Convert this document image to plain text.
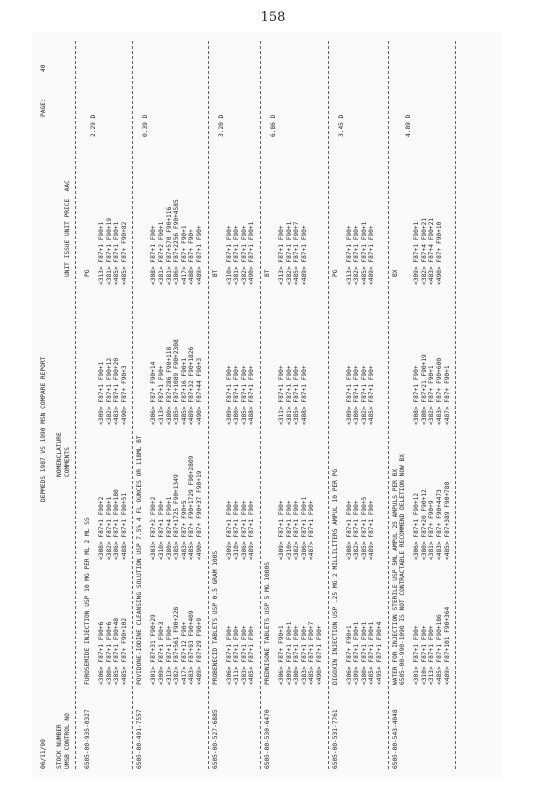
158
06/11/90
DEPMEDS 1987 VS 1990 MSN COMPARE REPORT
PAGE:
40
STOCK NUMBER UMSB CONTROL NO
NOMENCLATURE COMMENTS
UNIT ISSUE UNIT PRICE  AAC
6505-00-935-0327
FUROSEMIDE INJECTION USP 10 MG PER ML 2 ML SS
PG
2.29 D
<306> F87+1 F90+6 <380> F87+1 F90+6 <385> F87+1 F90+48 <485> F87+ F90+102
<308> F87+1 F90+2 <382> F87+1 F90+1 <386> F87+1 F90+180 <488> F87+1 F90+51
<309> F87+1 F90+1 <382> F87+1 F90+12 <483> F87+1 F90+20 <490> F87+ F90+3
<313> F87+1 F90+1 <381> F87+1 F90+19 <485> F87+1 F90+1 <485> F87+ F90+82
6505-00-491-7557
POVIDONE-IODINE CLEANSING SOLUTION USP 7.5% 4 FL OUNCES OR 118ML BT
0.39 D
<301> F87+31 F90+29 <309> F87+1 F90+3 <313> F87+1 F90+ <382> F87+561 F90+226 <417> F87+12 F90+ <483> F87+93 F90+409 <489> F87+29 F90+9
<303> F87+2 F90+2 <310> F87+1 F90+ <380> F87+4 F90+1 <385> F87+1725 F90+1349 <483> F87+ F90+5 <485> F87+ F90+1729 F90+2809 <490> F87+ F90+37 F90+19
<306> F87+ F90+14 <313> F87+1 F90+ <380> F87+286 F90+118 <385> F87+1089 F90+2308 <485> F87+16 F90+1 <489> F87+32 F90+1826 <490> F87+44 F90+3
<308> F87+1 F90+ <381> F87+2 F90+1 <381> F87+570 F90+116 <386> F87+2256 F90+4585 <417> F87+ F90+1 <488> F87+ F90+ <489> F87+1 F90+
6505-00-527-6885
PROBENECID TABLETS USP 0.5 GRAM 100S
BT
3.20 D
<306> F87+1 F90+ <311> F87+1 F90+ <383> F87+1 F90+ <485> F87+1 F90+
<309> F87+1 F90+ <310> F87+1 F90+ <386> F87+1 F90+ <489> F87+1 F90+
<309> F87+1 F90+ <380> F87+1 F90+ <385> F87+1 F90+ <488> F87+1 F90+
<310> F87+1 F90+ <381> F87+1 F90+ <382> F87+1 F90+ <490> F87+1 F90+1
6505-00-530-6470
PREDNISONE TABLETS USP 5 MG 1000S
BT
6.86 D
<306> F87+ F90+1 <309> F87+1 F90+1 <380> F87+1 F90+ <383> F87+1 F90+ <485> F87+1 F90+7 <490> F87+1 F90+
<309> F87+1 F90+ <310> F87+1 F90+ <382> F87+1 F90+ <386> F87+1 F90+1 <487> F87+1 F90+
<311> F87+1 F90+ <381> F87+1 F90+ <385> F87+1 F90+ <488> F87+1 F90+
<313> F87+1 F90+ <382> F87+1 F90+1 <485> F87+1 F90+7 <489> F87+1 F90+
6505-00-531-7761
DIGOXIN INJECTION USP .25 MG 2 MILLILITERS AMPUL 10 PER PG
PG
3.45 D
<306> F87+ F90+1 <309> F87+1 F90+1 <380> F87+1 F90+1 <485> F87+1 F90+1 <495> F87+1 F90+4
<308> F87+1 F90+ <382> F87+1 F90+ <385> F87+1 F90+5 <489> F87+1 F90+
<309> F87+1 F90+ <380> F87+1 F90+ <382> F87+1 F90+ <485> F87+1 F90+
<313> F87+1 F90+ <382> F87+1 F90+ <485> F87+1 F90+1 <489> F87+1 F90+
6505-00-543-4048
WATER FOR INJECTION STERILE USP 5ML AMPUL 25 AMPULS PER BX 6505-00-990-1090 IS NOT CONTRACTABLE RECOMMEND DELETION NOW BX
BX
4.89 D
<301> F87+1 F90+ <310> F87+1 F90+ <313> F87+1 F90+ <485> F87+1 F90+186 <489> F87+101 F90+364
<306> F87+1 F90+12 <380> F87+20 F90+12 <381> F87+ F90+9 <483> F87+ F90+4473 <485> F87+389 F90+780
<308> F87+1 F90+ <380> F87+21 F90+19 <382> F87+ F90+1 <483> F87+ F90+600 <487> F87+ F90+1
<309> F87+1 F90+1 <382> F87+4 F90+21 <483> F87+4 F90+21 <490> F87+ F90+10
